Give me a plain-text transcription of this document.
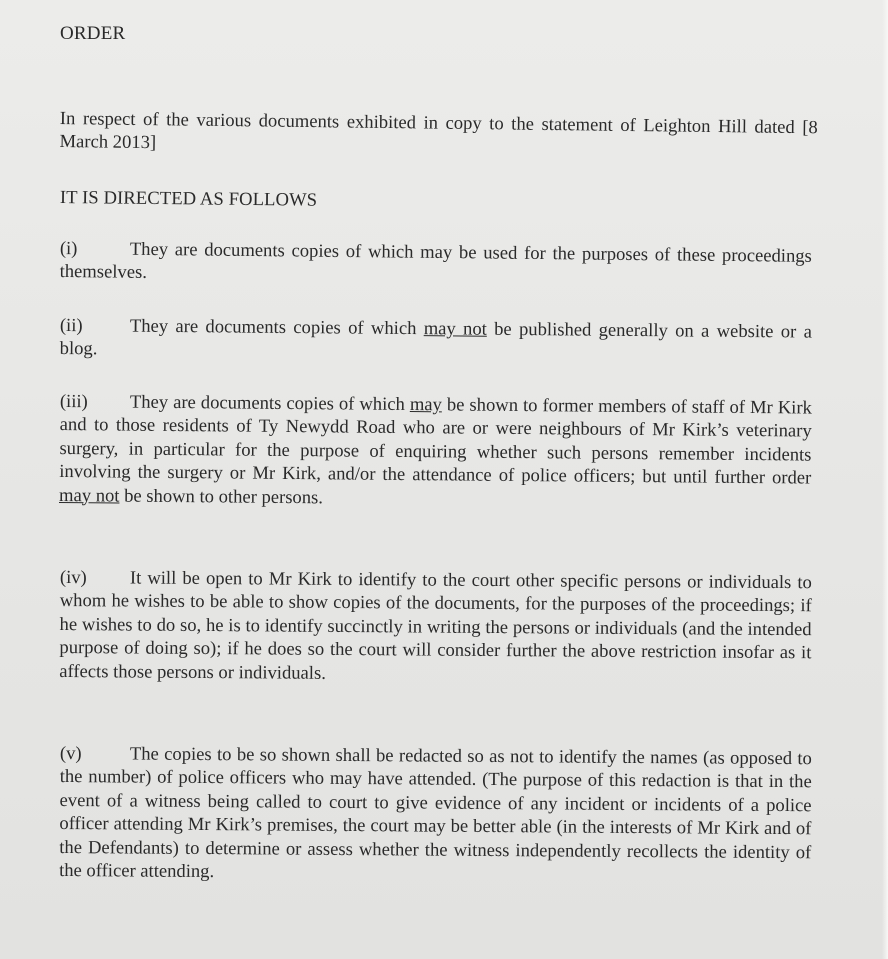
ORDER

In respect of the various documents exhibited in copy to the statement of Leighton Hill dated [8 March 2013]

IT IS DIRECTED AS FOLLOWS

(i)	They are documents copies of which may be used for the purposes of these proceedings themselves.

(ii)	They are documents copies of which may not be published generally on a website or a blog.

(iii) They are documents copies of which may be shown to former members of staff of Mr Kirk and to those residents of Ty Newydd Road who are or were neighbours of Mr Kirk’s veterinary surgery, in particular for the purpose of enquiring whether such persons remember incidents involving the surgery or Mr Kirk, and/or the attendance of police officers; but until further order may not be shown to other persons.

(iv) It will be open to Mr Kirk to identify to the court other specific persons or individuals to whom he wishes to be able to show copies of the documents, for the purposes of the proceedings; if he wishes to do so, he is to identify succinctly in writing the persons or individuals (and the intended purpose of doing so); if he does so the court will consider further the above restriction insofar as it affects those persons or individuals.

(v)	The copies to be so shown shall be redacted so as not to identify the names (as opposed to the number) of police officers who may have attended. (The purpose of this redaction is that in the event of a witness being called to court to give evidence of any incident or incidents of a police officer attending Mr Kirk’s premises, the court may be better able (in the interests of Mr Kirk and of the Defendants) to determine or assess whether the witness independently recollects the identity of the officer attending.
